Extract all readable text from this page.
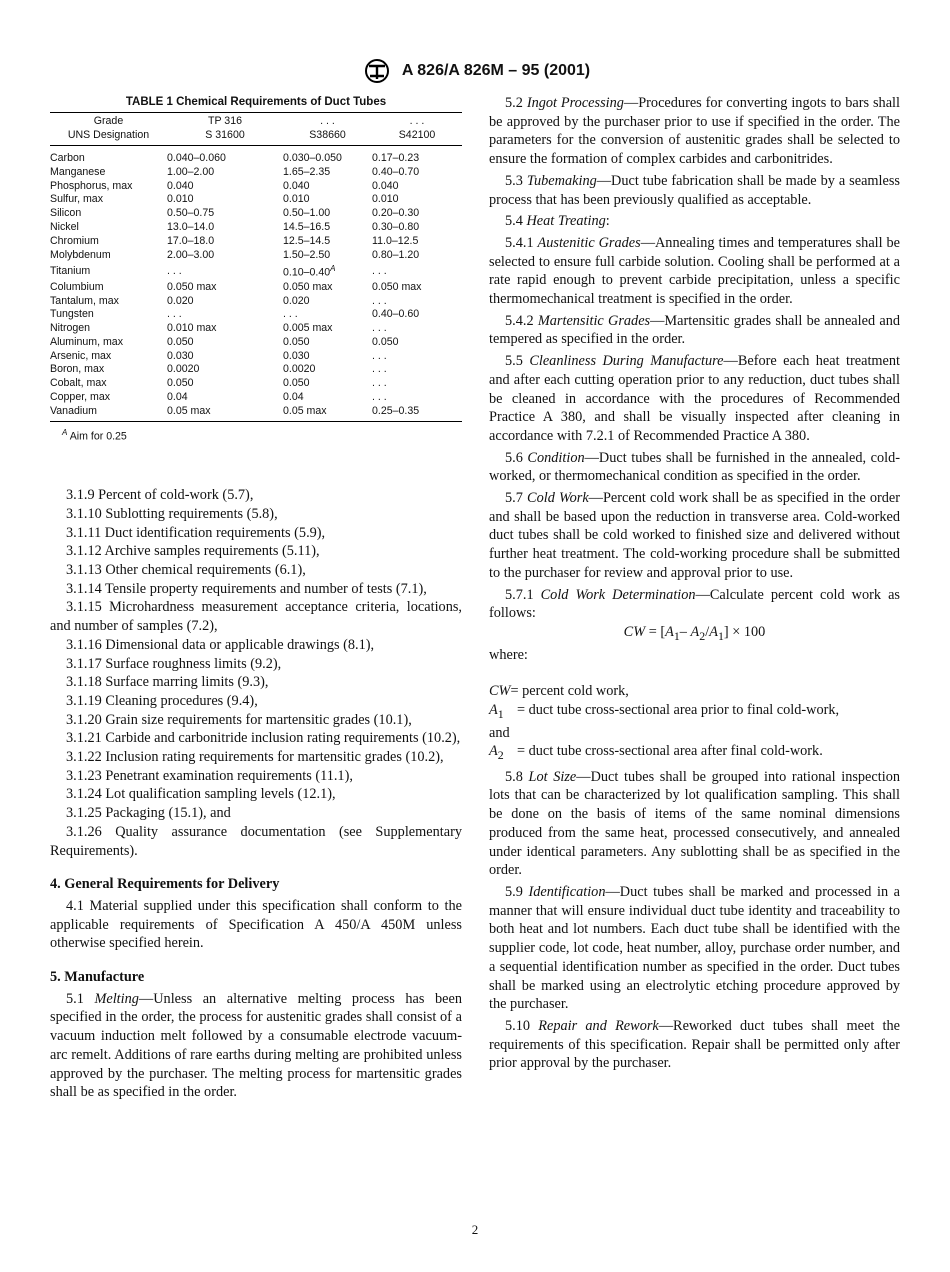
A 826/A 826M – 95 (2001)
TABLE 1 Chemical Requirements of Duct Tubes
Grade	TP 316	. . .	. . .
UNS Designation	S 31600	S38660	S42100
Carbon	0.040–0.060	0.030–0.050	0.17–0.23
Manganese	1.00–2.00	1.65–2.35	0.40–0.70
Phosphorus, max	0.040	0.040	0.040
Sulfur, max	0.010	0.010	0.010
Silicon	0.50–0.75	0.50–1.00	0.20–0.30
Nickel	13.0–14.0	14.5–16.5	0.30–0.80
Chromium	17.0–18.0	12.5–14.5	11.0–12.5
Molybdenum	2.00–3.00	1.50–2.50	0.80–1.20
Titanium	. . .	$0.10-0.40^A$	. . .
Columbium	0.050 max	0.050 max	0.050 max
Tantalum, max	0.020	0.020	. . .
Tungsten	. . .	. . .	0.40–0.60
Nitrogen	0.010 max	0.005 max	. . .
Aluminum, max	0.050	0.050	0.050
Arsenic, max	0.030	0.030	. . .
Boron, max	0.0020	0.0020	. . .
Cobalt, max	0.050	0.050	. . .
Copper, max	0.04	0.04	. . .
Vanadium	0.05 max	0.05 max	0.25–0.35
$^A$ Aim for 0.25

3.1.9 Percent of cold-work (5.7),

3.1.10 Sublotting requirements (5.8),

3.1.11 Duct identification requirements (5.9),

3.1.12 Archive samples requirements (5.11),

3.1.13 Other chemical requirements (6.1),

3.1.14 Tensile property requirements and number of tests (7.1),

3.1.15 Microhardness measurement acceptance criteria, locations, and number of samples (7.2),

3.1.16 Dimensional data or applicable drawings (8.1),

3.1.17 Surface roughness limits (9.2),

3.1.18 Surface marring limits (9.3),

3.1.19 Cleaning procedures (9.4),

3.1.20 Grain size requirements for martensitic grades (10.1),

3.1.21 Carbide and carbonitride inclusion rating requirements (10.2),

3.1.22 Inclusion rating requirements for martensitic grades (10.2),

3.1.23 Penetrant examination requirements (11.1),

3.1.24 Lot qualification sampling levels (12.1),

3.1.25 Packaging (15.1), and

3.1.26 Quality assurance documentation (see Supplementary Requirements).

4. General Requirements for Delivery

4.1 Material supplied under this specification shall conform to the applicable requirements of Specification A 450/A 450M unless otherwise specified herein.

5. Manufacture

5.1 Melting—Unless an alternative melting process has been specified in the order, the process for austenitic grades shall consist of a vacuum induction melt followed by a consumable electrode vacuum-arc remelt. Additions of rare earths during melting are prohibited unless approved by the purchaser. The melting process for martensitic grades shall be as specified in the order.

5.2 Ingot Processing—Procedures for converting ingots to bars shall be approved by the purchaser prior to use if specified in the order. The parameters for the conversion of austenitic grades shall be selected to ensure the formation of complex carbides and carbonitrides.

5.3 Tubemaking—Duct tube fabrication shall be made by a seamless process that has been previously qualified as acceptable.

5.4 Heat Treating:

5.4.1 Austenitic Grades—Annealing times and temperatures shall be selected to ensure full carbide solution. Cooling shall be performed at a rate rapid enough to prevent carbide precipitation, unless a specific thermomechanical treatment is specified in the order.

5.4.2 Martensitic Grades—Martensitic grades shall be annealed and tempered as specified in the order.

5.5 Cleanliness During Manufacture—Before each heat treatment and after each cutting operation prior to any reduction, duct tubes shall be cleaned in accordance with the procedures of Recommended Practice A 380, and shall be visually inspected after cleaning in accordance with 7.2.1 of Recommended Practice A 380.

5.6 Condition—Duct tubes shall be furnished in the annealed, cold-worked, or thermomechanical condition as specified in the order.

5.7 Cold Work—Percent cold work shall be as specified in the order and shall be based upon the reduction in transverse area. Cold-worked duct tubes shall be cold worked to finished size and delivered without further heat treatment. The cold-working procedure shall be submitted to the purchaser for review and approval prior to use.

5.7.1 Cold Work Determination—Calculate percent cold work as follows:

CW = [$A_1-$ $A_2/A_1] \times 100$

where:

CW = percent cold work,
$A_1$ = duct tube cross-sectional area prior to final cold-work,
and
$A_2$ = duct tube cross-sectional area after final cold-work.

5.8 Lot Size—Duct tubes shall be grouped into rational inspection lots that can be characterized by lot qualification sampling. This shall be done on the basis of items of the same nominal dimensions produced from the same heat, processed consecutively, and annealed under identical parameters. Any sublotting shall be as specified in the order.

5.9 Identification—Duct tubes shall be marked and processed in a manner that will ensure individual duct tube identity and traceability to both heat and lot numbers. Each duct tube shall be identified with the supplier code, lot code, heat number, alloy, purchase order number, and a sequential identification number as specified in the order. Duct tubes shall be marked using an electrolytic etching procedure approved by the purchaser.

5.10 Repair and Rework—Reworked duct tubes shall meet the requirements of this specification. Repair shall be permitted only after prior approval by the purchaser.

2
